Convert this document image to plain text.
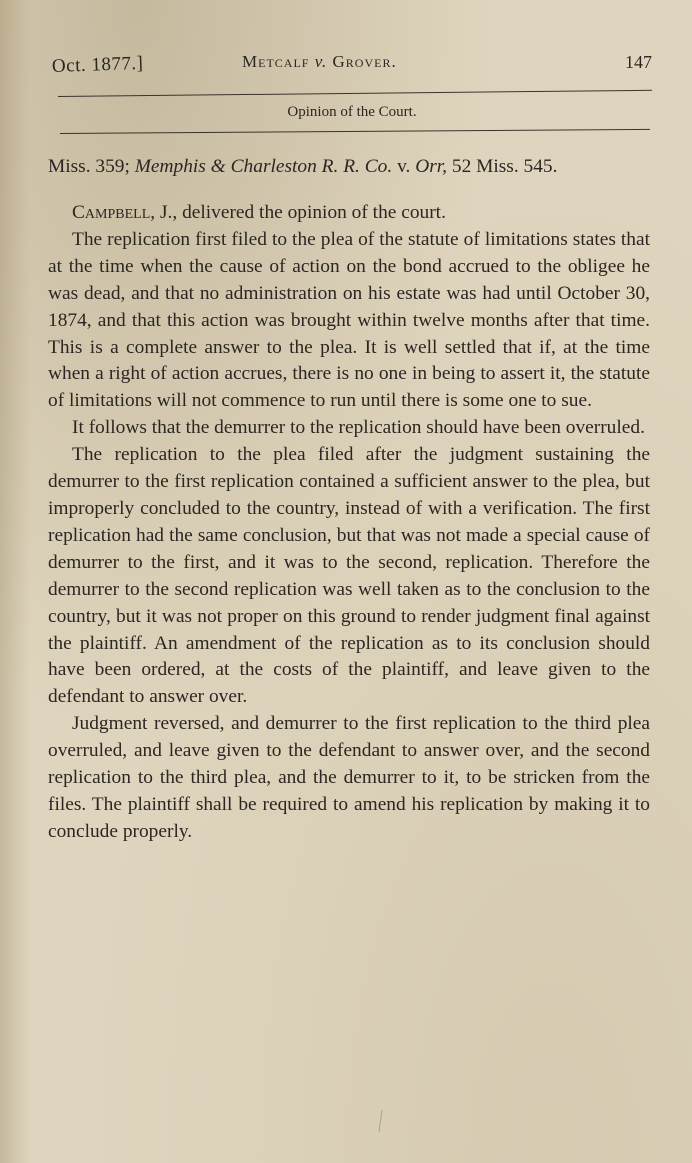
Oct. 1877.]	Metcalf v. Grover.	147
Opinion of the Court.

Miss. 359; Memphis & Charleston R. R. Co. v. Orr, 52 Miss. 545.

Campbell, J., delivered the opinion of the court.

The replication first filed to the plea of the statute of limitations states that at the time when the cause of action on the bond accrued to the obligee he was dead, and that no administration on his estate was had until October 30, 1874, and that this action was brought within twelve months after that time. This is a complete answer to the plea. It is well settled that if, at the time when a right of action accrues, there is no one in being to assert it, the statute of limitations will not commence to run until there is some one to sue.

It follows that the demurrer to the replication should have been overruled.

The replication to the plea filed after the judgment sustaining the demurrer to the first replication contained a sufficient answer to the plea, but improperly concluded to the country, instead of with a verification. The first replication had the same conclusion, but that was not made a special cause of demurrer to the first, and it was to the second, replication. Therefore the demurrer to the second replication was well taken as to the conclusion to the country, but it was not proper on this ground to render judgment final against the plaintiff. An amendment of the replication as to its conclusion should have been ordered, at the costs of the plaintiff, and leave given to the defendant to answer over.

Judgment reversed, and demurrer to the first replication to the third plea overruled, and leave given to the defendant to answer over, and the second replication to the third plea, and the demurrer to it, to be stricken from the files. The plaintiff shall be required to amend his replication by making it to conclude properly.
